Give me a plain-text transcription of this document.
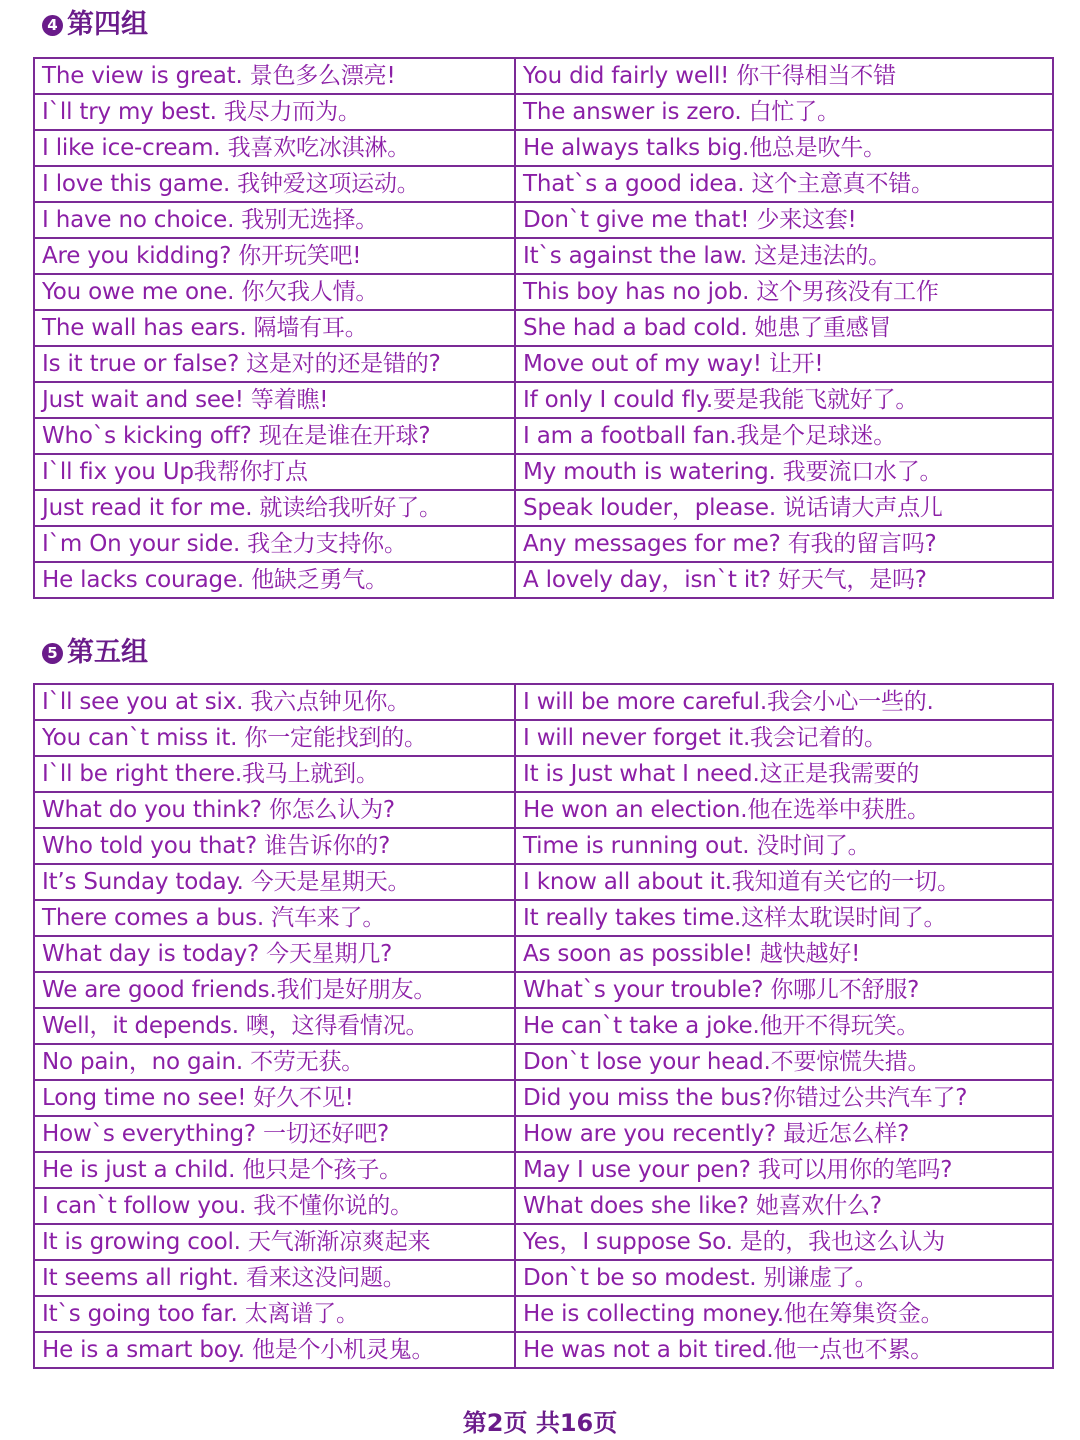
4 第四组
The view is great. 景色多么漂亮!	You did fairly well! 你干得相当不错
I`ll try my best. 我尽力而为。	The answer is zero. 白忙了。
I like ice-cream. 我喜欢吃冰淇淋。	He always talks big.他总是吹牛。
I love this game. 我钟爱这项运动。	That`s a good idea. 这个主意真不错。
I have no choice. 我别无选择。	Don`t give me that! 少来这套!
Are you kidding? 你开玩笑吧!	It`s against the law. 这是违法的。
You owe me one. 你欠我人情。	This boy has no job. 这个男孩没有工作
The wall has ears. 隔墙有耳。	She had a bad cold. 她患了重感冒
Is it true or false? 这是对的还是错的?	Move out of my way! 让开!
Just wait and see! 等着瞧!	If only I could fly.要是我能飞就好了。
Who`s kicking off? 现在是谁在开球?	I am a football fan.我是个足球迷。
I`ll fix you Up我帮你打点	My mouth is watering. 我要流口水了。
Just read it for me. 就读给我听好了。	Speak louder，please. 说话请大声点儿
I`m On your side. 我全力支持你。	Any messages for me? 有我的留言吗?
He lacks courage. 他缺乏勇气。	A lovely day，isn`t it? 好天气，是吗?
5 第五组
I`ll see you at six. 我六点钟见你。	I will be more careful.我会小心一些的.
You can`t miss it. 你一定能找到的。	I will never forget it.我会记着的。
I`ll be right there.我马上就到。	It is Just what I need.这正是我需要的
What do you think? 你怎么认为?	He won an election.他在选举中获胜。
Who told you that? 谁告诉你的?	Time is running out. 没时间了。
It’s Sunday today. 今天是星期天。	I know all about it.我知道有关它的一切。
There comes a bus. 汽车来了。	It really takes time.这样太耽误时间了。
What day is today? 今天星期几?	As soon as possible! 越快越好!
We are good friends.我们是好朋友。	What`s your trouble? 你哪儿不舒服?
Well，it depends. 噢，这得看情况。	He can`t take a joke.他开不得玩笑。
No pain，no gain. 不劳无获。	Don`t lose your head.不要惊慌失措。
Long time no see! 好久不见!	Did you miss the bus?你错过公共汽车了?
How`s everything? 一切还好吧?	How are you recently? 最近怎么样?
He is just a child. 他只是个孩子。	May I use your pen? 我可以用你的笔吗?
I can`t follow you. 我不懂你说的。	What does she like? 她喜欢什么?
It is growing cool. 天气渐渐凉爽起来	Yes，I suppose So. 是的，我也这么认为
It seems all right. 看来这没问题。	Don`t be so modest. 别谦虚了。
It`s going too far. 太离谱了。	He is collecting money.他在筹集资金。
He is a smart boy. 他是个小机灵鬼。	He was not a bit tired.他一点也不累。
第2页 共16页
